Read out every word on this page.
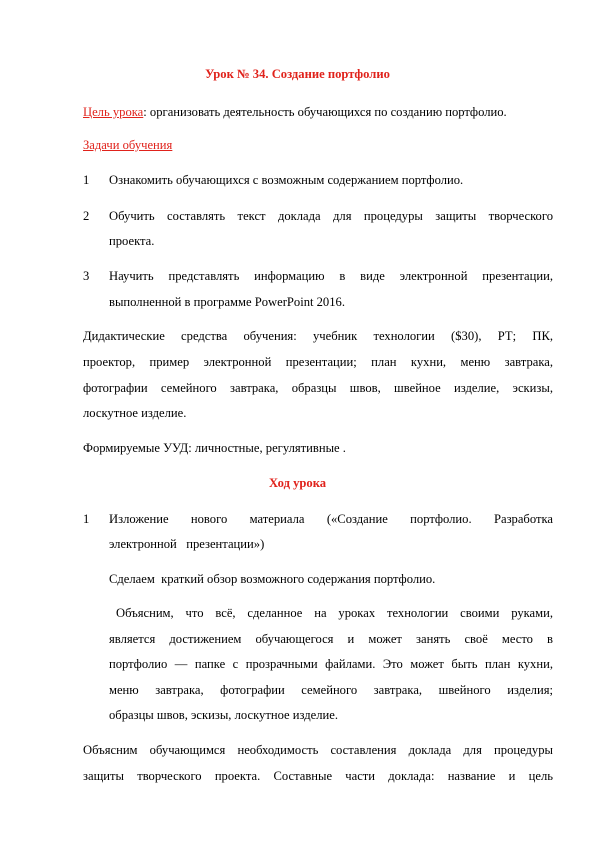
Урок № 34. Создание портфолио
Цель урока: организовать деятельность обучающихся по созданию портфолио.
Задачи обучения
1 Ознакомить обучающихся с возможным содержанием портфолио.
2 Обучить составлять текст доклада для процедуры защиты творческого
проекта.
3 Научить представлять информацию в виде электронной презентации,
выполненной в программе PowerPoint 2016.
Дидактические средства обучения: учебник технологии ($30), РТ; ПК,
проектор, пример электронной презентации; план кухни, меню завтрака,
фотографии семейного завтрака, образцы швов, швейное изделие, эскизы,
лоскутное изделие.
Формируемые УУД: личностные, регулятивные .
Ход урока
1 Изложение нового материала («Создание портфолио. Разработка
электронной   презентации»)
Сделаем  краткий обзор возможного содержания портфолио.
Объясним, что всё, сделанное на уроках технологии своими руками,
является достижением обучающегося и может занять своё место в
портфолио — папке с прозрачными файлами. Это может быть план кухни,
меню завтрака, фотографии семейного завтрака, швейного изделия;
образцы швов, эскизы, лоскутное изделие.
Объясним обучающимся необходимость составления доклада для процедуры
защиты творческого проекта. Составные части доклада: название и цель
